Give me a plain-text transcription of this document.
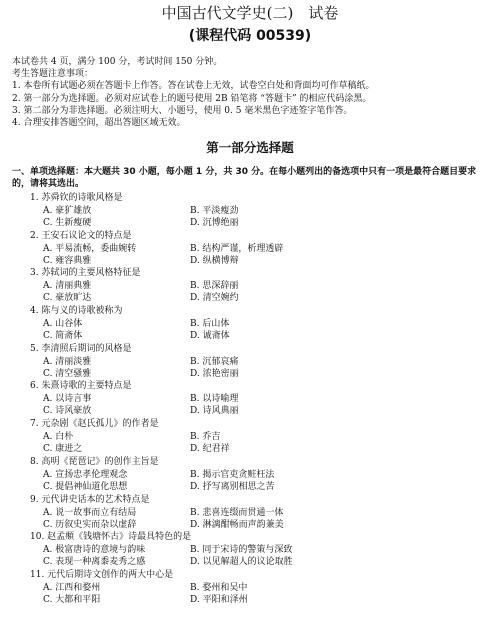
中国古代文学史(二)　试卷
(课程代码 00539)
本试卷共 4 页，满分 100 分，考试时间 150 分钟。
考生答题注意事项：
1. 本卷所有试题必须在答题卡上作答。答在试卷上无效，试卷空白处和背面均可作草稿纸。
2. 第一部分为选择题。必须对应试卷上的题号使用 2B 铅笔将 “答题卡” 的相应代码涂黑。
3. 第二部分为非选择题。必须注明大、小题号，使用 0. 5 毫米黑色字迹签字笔作答。
4. 合理安排答题空间，超出答题区域无效。
第一部分选择题
一、单项选择题：本大题共 30 小题，每小题 1 分，共 30 分。在每小题列出的备选项中只有一项是最符合题目要求的，请将其选出。
1. 苏舜钦的诗歌风格是
A. 豪犷雄放	B. 平淡瘦劲
C. 生新瘦硬	D. 沉博绝丽
2. 王安石议论文的特点是
A. 平易流畅，委曲婉转	B. 结构严谨，析理透辟
C. 雍容典雅	D. 纵横博辩
3. 苏轼词的主要风格特征是
A. 清丽典雅	B. 思深辞丽
C. 豪放旷达	D. 清空婉约
4. 陈与义的诗歌被称为
A. 山谷体	B. 后山体
C. 简斋体	D. 诚斋体
5. 李清照后期词的风格是
A. 清丽淡雅	B. 沉郁哀痛
C. 清空骚雅	D. 浓艳密丽
6. 朱熹诗歌的主要特点是
A. 以诗言事	B. 以诗喻理
C. 诗风豪放	D. 诗风典丽
7. 元杂剧《赵氏孤儿》的作者是
A. 白朴	B. 乔吉
C. 康进之	D. 纪君祥
8. 高明《琵琶记》的创作主旨是
A. 宣扬忠孝伦理观念	B. 揭示官吏贪赃枉法
C. 提倡神仙道化思想	D. 抒写离别相思之苦
9. 元代讲史话本的艺术特点是
A. 说一故事而立有结局	B. 悲喜连缀而贯通一体
C. 历叙史实而杂以虚辞	D. 淋漓酣畅而声韵兼美
10. 赵孟頫《钱塘怀古》诗最具特色的是
A. 极富唐诗的意境与韵味	B. 同于宋诗的警策与深致
C. 表现一种离黍麦秀之感	D. 以见解超人的议论取胜
11. 元代后期诗文创作的两大中心是
A. 江西和婺州	B. 婺州和吴中
C. 大都和平阳	D. 平阳和泽州
